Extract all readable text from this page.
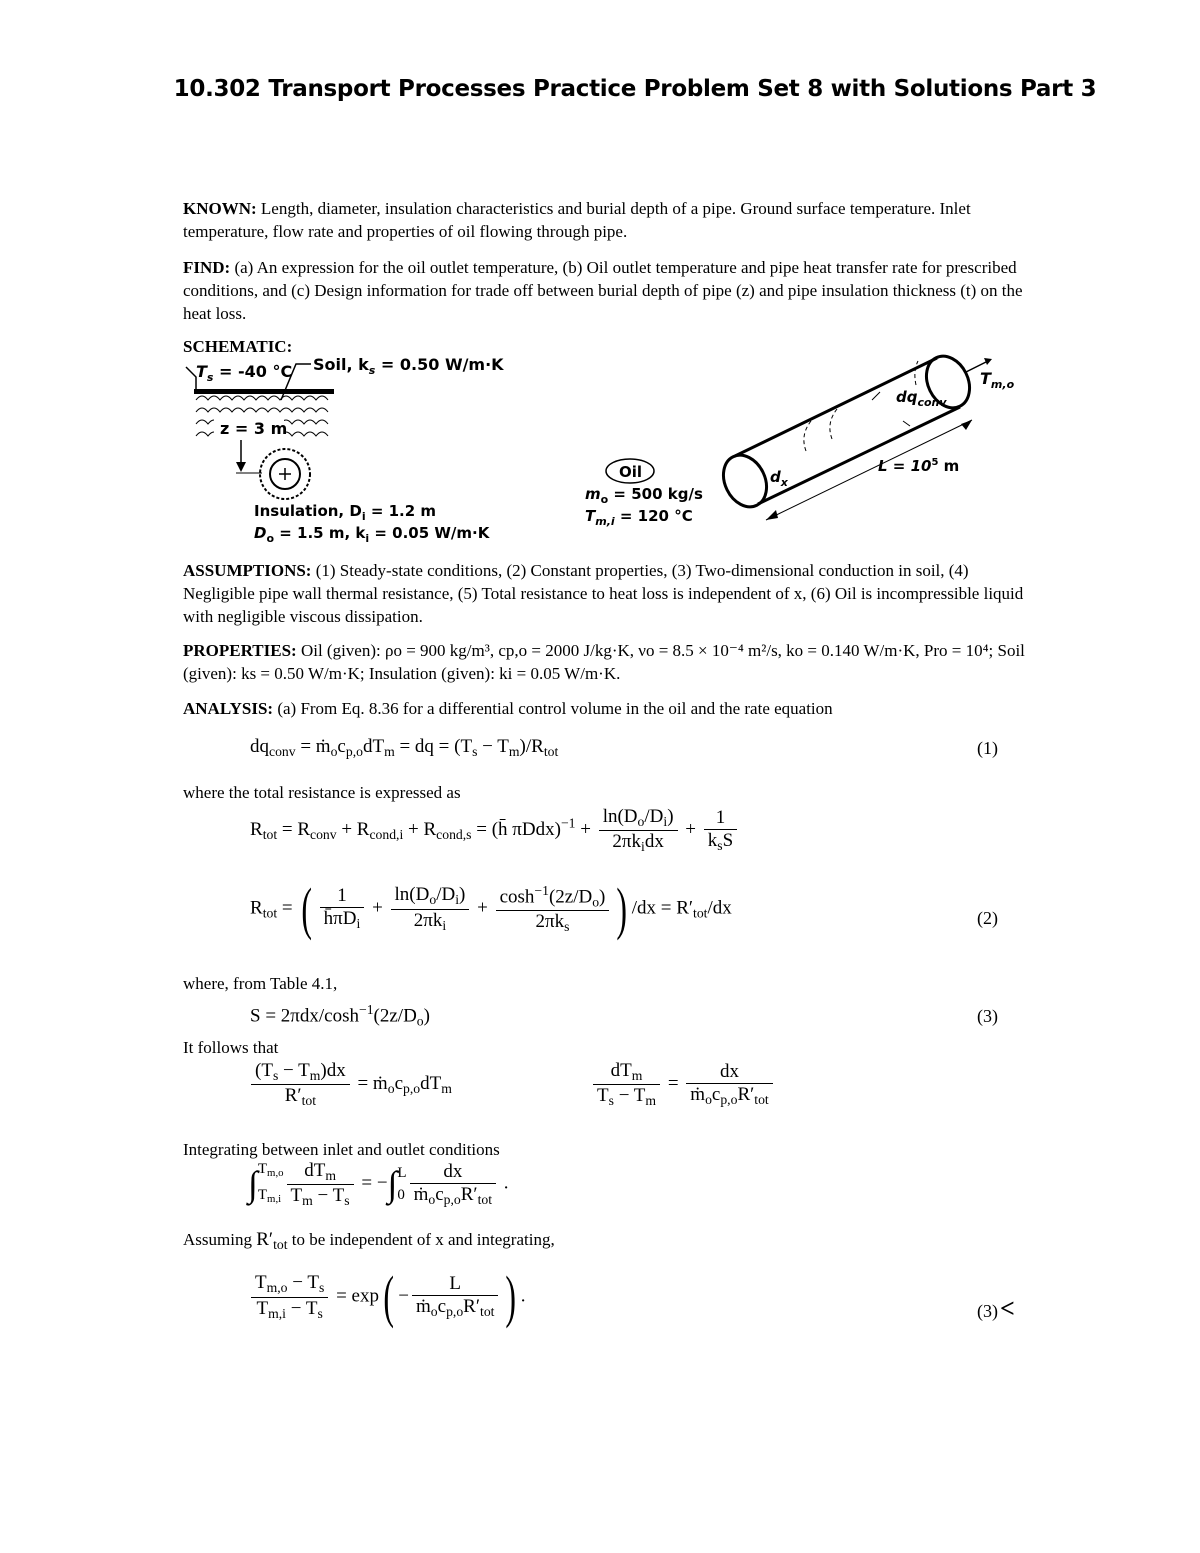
10.302 Transport Processes Practice Problem Set 8 with Solutions Part 3
KNOWN: Length, diameter, insulation characteristics and burial depth of a pipe. Ground surface temperature. Inlet temperature, flow rate and properties of oil flowing through pipe.
FIND: (a) An expression for the oil outlet temperature, (b) Oil outlet temperature and pipe heat transfer rate for prescribed conditions, and (c) Design information for trade off between burial depth of pipe (z) and pipe insulation thickness (t) on the heat loss.
SCHEMATIC:
$T_s = -40$ °C Soil, $k_s = 0.50$ W/m·K
z = 3 m
Insulation, $D_i = 1.2$ m
$D_o = 1.5$ m, $k_i = 0.05$ W/m·K
Oil
$m_o = 500$ kg/s
$T_{m,i} = 120$ °C
$d_x$
$dq_{conv}$
$T_{m,o}$
$L = 10^5$ m
ASSUMPTIONS: (1) Steady-state conditions, (2) Constant properties, (3) Two-dimensional conduction in soil, (4) Negligible pipe wall thermal resistance, (5) Total resistance to heat loss is independent of x, (6) Oil is incompressible liquid with negligible viscous dissipation.
PROPERTIES: Oil (given): ρo = 900 kg/m³, cp,o = 2000 J/kg·K, νo = 8.5 × 10⁻⁴ m²/s, ko = 0.140 W/m·K, Pro = 10⁴; Soil (given): ks = 0.50 W/m·K; Insulation (given): ki = 0.05 W/m·K.
ANALYSIS: (a) From Eq. 8.36 for a differential control volume in the oil and the rate equation
$dq_{conv}$ = $ṁ_oc_{p,o}dT_m$ = dq = $(T_s - T_m)/R_{tot}$	(1)
where the total resistance is expressed as
$R_{tot} = R_{conv} + R_{cond,i} + R_{cond,s}$ = (h̄ $\pi Ddx)^{-1} + \frac{\ln(D_o/D_i)}{2\pi k_idx} + \frac{1}{k_sS}$
$R_{tot}$ = ( $\frac{1}{h̄\pi D_i} + \frac{\ln(D_o/D_i)}{2\pi k_i} + \frac{\cosh^{-1}(2z/D_o)}{2\pi k_s}$ ) $/dx = R'_{tot}/dx$	(2)
where, from Table 4.1,
$S = 2\pi dx/\cosh^{-1}(2z/D_o)$	(3)
It follows that
$\frac{(T_s - T_m)dx}{R'_{tot}}$ = $ṁ_oc_{p,o}dT_m$	$\frac{dT_m}{T_s - T_m} = \frac{dx}{ṁ_oc_{p,o}R'_{tot}}$
Integrating between inlet and outlet conditions
$\int T_{m,o}$
$T_{m,i} \frac{dT_m}{T_m - T_s} = -\int L$
$0 \frac{dx}{ṁ_oc_{p,o}R'_{tot}}$ .
Assuming $R'_{tot}$ to be independent of x and integrating,
$\frac{T_{m,o} - T_s}{T_{m,i} - T_s} = \exp( - \frac{L}{ṁ_oc_{p,o}R'_{tot}}$ ) .
(3)<
